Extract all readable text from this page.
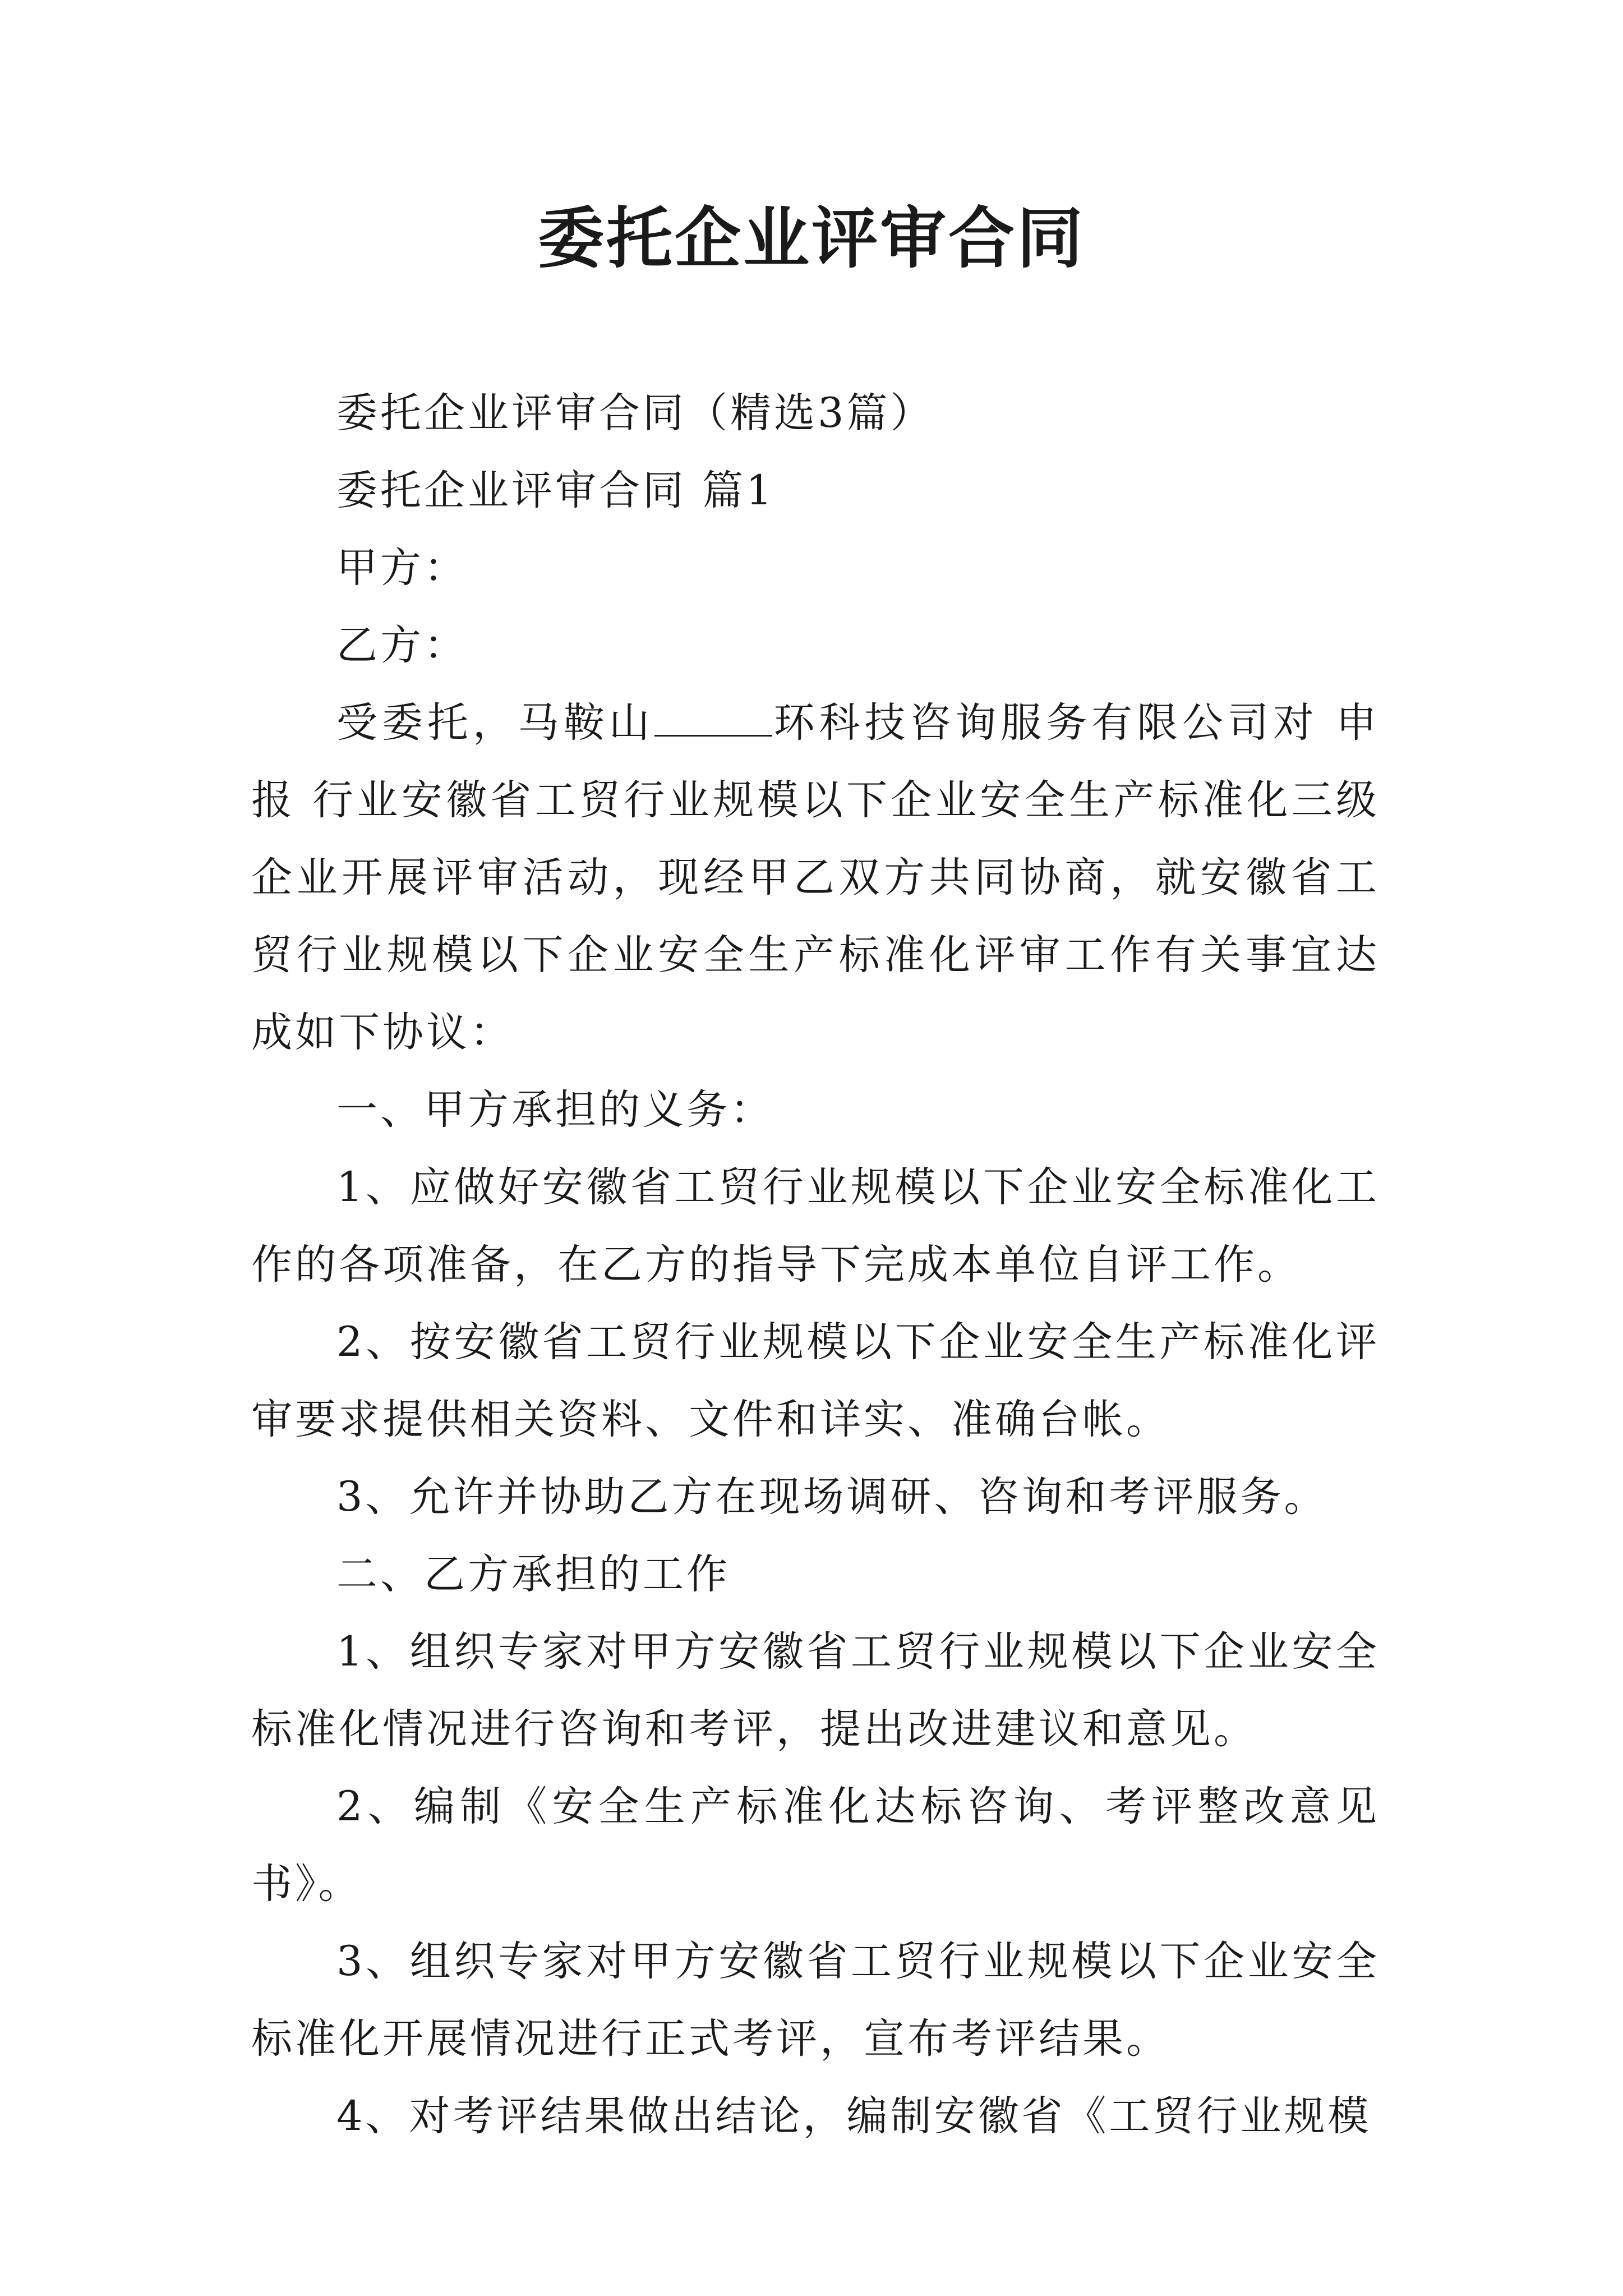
委托企业评审合同

委托企业评审合同（精选3篇）

委托企业评审合同 篇1

甲方：

乙方：

受委托，马鞍山	环科技咨询服务有限公司对 申报 行业安徽省工贸行业规模以下企业安全生产标准化三级企业开展评审活动，现经甲乙双方共同协商，就安徽省工贸行业规模以下企业安全生产标准化评审工作有关事宜达成如下协议：

一、甲方承担的义务：

1、应做好安徽省工贸行业规模以下企业安全标准化工作的各项准备，在乙方的指导下完成本单位自评工作。

2、按安徽省工贸行业规模以下企业安全生产标准化评审要求提供相关资料、文件和详实、准确台帐。

3、允许并协助乙方在现场调研、咨询和考评服务。

二、乙方承担的工作

1、组织专家对甲方安徽省工贸行业规模以下企业安全标准化情况进行咨询和考评，提出改进建议和意见。

2、编制《安全生产标准化达标咨询、考评整改意见书》。

3、组织专家对甲方安徽省工贸行业规模以下企业安全标准化开展情况进行正式考评，宣布考评结果。

4、对考评结果做出结论，编制安徽省《工贸行业规模
